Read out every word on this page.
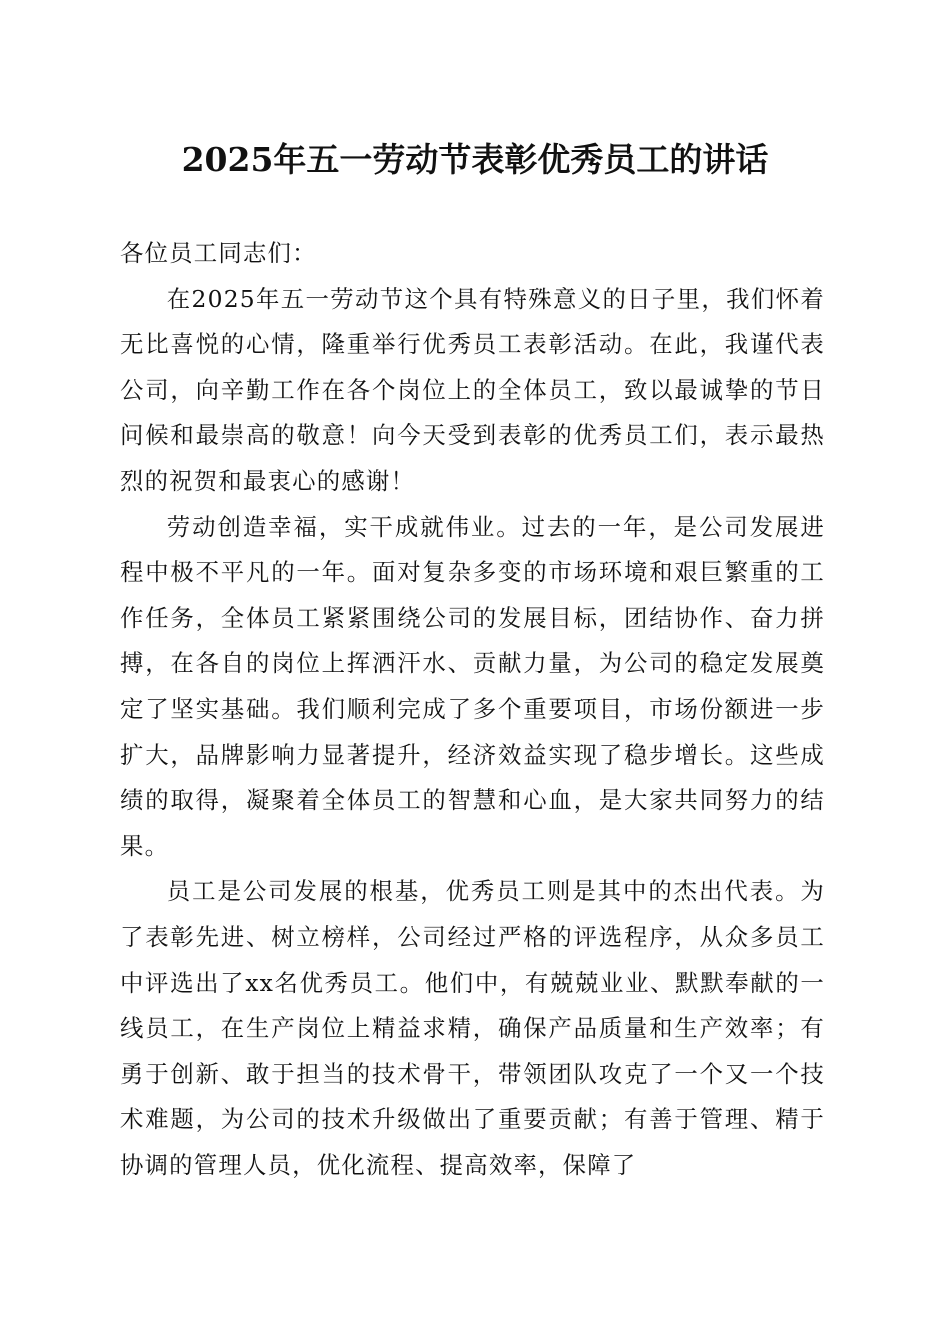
2025年五一劳动节表彰优秀员工的讲话

各位员工同志们：

在2025年五一劳动节这个具有特殊意义的日子里，我们怀着无比喜悦的心情，隆重举行优秀员工表彰活动。在此，我谨代表公司，向辛勤工作在各个岗位上的全体员工，致以最诚挚的节日问候和最崇高的敬意！向今天受到表彰的优秀员工们，表示最热烈的祝贺和最衷心的感谢！

劳动创造幸福，实干成就伟业。过去的一年，是公司发展进程中极不平凡的一年。面对复杂多变的市场环境和艰巨繁重的工作任务，全体员工紧紧围绕公司的发展目标，团结协作、奋力拼搏，在各自的岗位上挥洒汗水、贡献力量，为公司的稳定发展奠定了坚实基础。我们顺利完成了多个重要项目，市场份额进一步扩大，品牌影响力显著提升，经济效益实现了稳步增长。这些成绩的取得，凝聚着全体员工的智慧和心血，是大家共同努力的结果。

员工是公司发展的根基，优秀员工则是其中的杰出代表。为了表彰先进、树立榜样，公司经过严格的评选程序，从众多员工中评选出了xx名优秀员工。他们中，有兢兢业业、默默奉献的一线员工，在生产岗位上精益求精，确保产品质量和生产效率；有勇于创新、敢于担当的技术骨干，带领团队攻克了一个又一个技术难题，为公司的技术升级做出了重要贡献；有善于管理、精于协调的管理人员，优化流程、提高效率，保障了
